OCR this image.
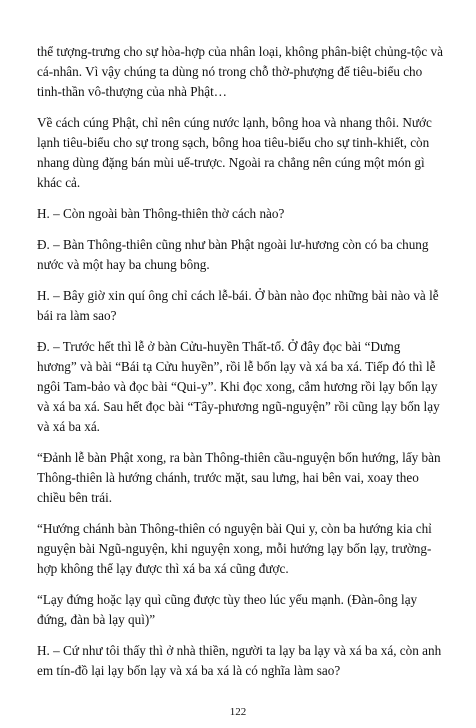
thể tượng-trưng cho sự hòa-hợp của nhân loại, không phân-biệt chủng-tộc và cá-nhân. Vì vậy chúng ta dùng nó trong chỗ thờ-phượng để tiêu-biểu cho tinh-thần vô-thượng của nhà Phật…

Về cách cúng Phật, chỉ nên cúng nước lạnh, bông hoa và nhang thôi. Nước lạnh tiêu-biểu cho sự trong sạch, bông hoa tiêu-biểu cho sự tinh-khiết, còn nhang dùng đặng bán mùi uế-trược. Ngoài ra chẳng nên cúng một món gì khác cả.

H. – Còn ngoài bàn Thông-thiên thờ cách nào?

Đ. – Bàn Thông-thiên cũng như bàn Phật ngoài lư-hương còn có ba chung nước và một hay ba chung bông.

H. – Bây giờ xin quí ông chỉ cách lễ-bái. Ở bàn nào đọc những bài nào và lễ bái ra làm sao?

Đ. – Trước hết thì lễ ở bàn Cửu-huyền Thất-tổ. Ở đây đọc bài “Dưng hương” và bài “Bái tạ Cửu huyền”, rồi lễ bốn lạy và xá ba xá. Tiếp đó thì lễ ngôi Tam-bảo và đọc bài “Qui-y”. Khi đọc xong, cắm hương rồi lạy bốn lạy và xá ba xá. Sau hết đọc bài “Tây-phương ngũ-nguyện” rồi cũng lạy bốn lạy và xá ba xá.

“Đảnh lễ bàn Phật xong, ra bàn Thông-thiên cầu-nguyện bốn hướng, lấy bàn Thông-thiên là hướng chánh, trước mặt, sau lưng, hai bên vai, xoay theo chiều bên trái.

“Hướng chánh bàn Thông-thiên có nguyện bài Qui y, còn ba hướng kia chỉ nguyện bài Ngũ-nguyện, khi nguyện xong, mỗi hướng lạy bốn lạy, trường-hợp không thể lạy được thì xá ba xá cũng được.

“Lạy đứng hoặc lạy quì cũng được tùy theo lúc yếu mạnh. (Đàn-ông lạy đứng, đàn bà lạy quì)”

H. – Cứ như tôi thấy thì ở nhà thiền, người ta lạy ba lạy và xá ba xá, còn anh em tín-đồ lại lạy bốn lạy và xá ba xá là có nghĩa làm sao?

122
